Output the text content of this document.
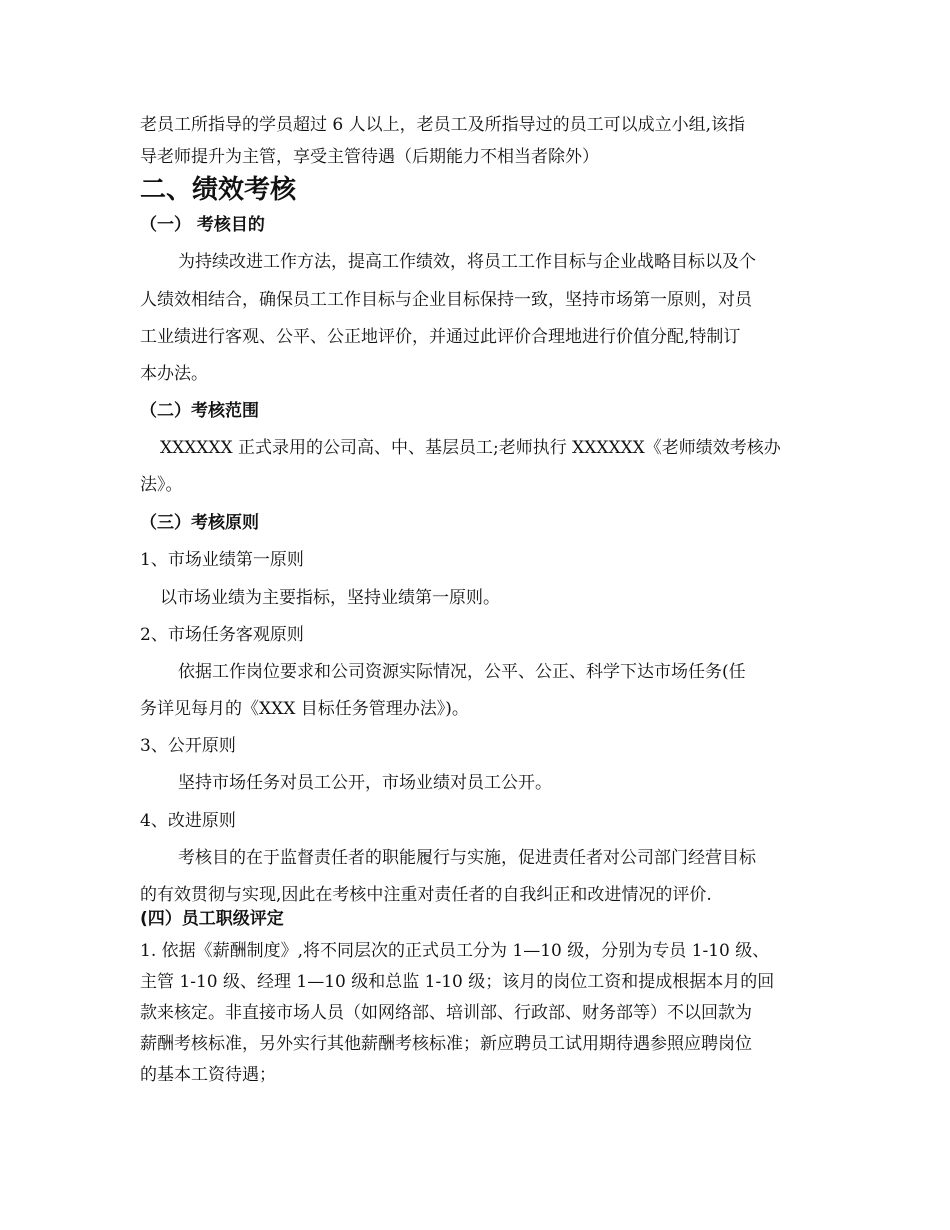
老员工所指导的学员超过 6 人以上，老员工及所指导过的员工可以成立小组,该指
导老师提升为主管，享受主管待遇（后期能力不相当者除外）
二、绩效考核
（一） 考核目的
为持续改进工作方法，提高工作绩效，将员工工作目标与企业战略目标以及个
人绩效相结合，确保员工工作目标与企业目标保持一致，坚持市场第一原则，对员
工业绩进行客观、公平、公正地评价，并通过此评价合理地进行价值分配,特制订
本办法。
（二）考核范围
XXXXXX 正式录用的公司高、中、基层员工;老师执行 XXXXXX《老师绩效考核办
法》。
（三）考核原则
1、市场业绩第一原则
以市场业绩为主要指标，坚持业绩第一原则。
2、市场任务客观原则
依据工作岗位要求和公司资源实际情况，公平、公正、科学下达市场任务(任
务详见每月的《XXX 目标任务管理办法》)。
3、公开原则
坚持市场任务对员工公开，市场业绩对员工公开。
4、改进原则
考核目的在于监督责任者的职能履行与实施，促进责任者对公司部门经营目标
的有效贯彻与实现,因此在考核中注重对责任者的自我纠正和改进情况的评价.
(四）员工职级评定
1. 依据《薪酬制度》,将不同层次的正式员工分为 1—10 级，分别为专员 1-10 级、
主管 1-10 级、经理 1—10 级和总监 1-10 级；该月的岗位工资和提成根据本月的回
款来核定。非直接市场人员（如网络部、培训部、行政部、财务部等）不以回款为
薪酬考核标准，另外实行其他薪酬考核标准；新应聘员工试用期待遇参照应聘岗位
的基本工资待遇；
